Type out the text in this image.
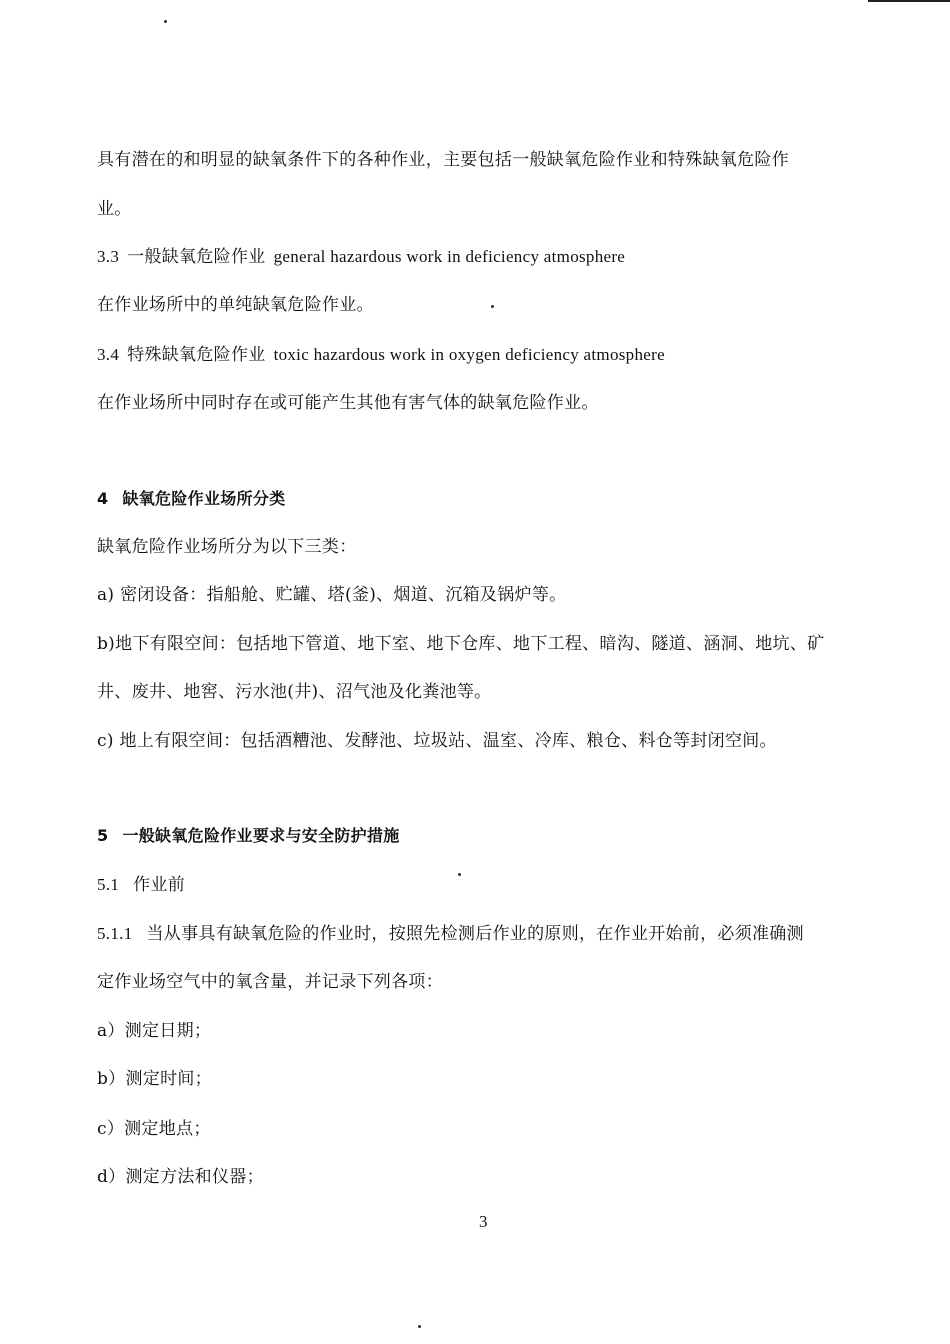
具有潜在的和明显的缺氧条件下的各种作业，主要包括一般缺氧危险作业和特殊缺氧危险作
业。
3.3 一般缺氧危险作业 general hazardous work in deficiency atmosphere
在作业场所中的单纯缺氧危险作业。
3.4 特殊缺氧危险作业 toxic hazardous work in oxygen deficiency atmosphere
在作业场所中同时存在或可能产生其他有害气体的缺氧危险作业。
4 缺氧危险作业场所分类
缺氧危险作业场所分为以下三类：
a) 密闭设备：指船舱、贮罐、塔(釜)、烟道、沉箱及锅炉等。
b)地下有限空间：包括地下管道、地下室、地下仓库、地下工程、暗沟、隧道、涵洞、地坑、矿
井、废井、地窖、污水池(井)、沼气池及化粪池等。
c) 地上有限空间：包括酒糟池、发酵池、垃圾站、温室、冷库、粮仓、料仓等封闭空间。
5 一般缺氧危险作业要求与安全防护措施
5.1 作业前
5.1.1 当从事具有缺氧危险的作业时，按照先检测后作业的原则，在作业开始前，必须准确测
定作业场空气中的氧含量，并记录下列各项：
a）测定日期；
b）测定时间；
c）测定地点；
d）测定方法和仪器；
3
